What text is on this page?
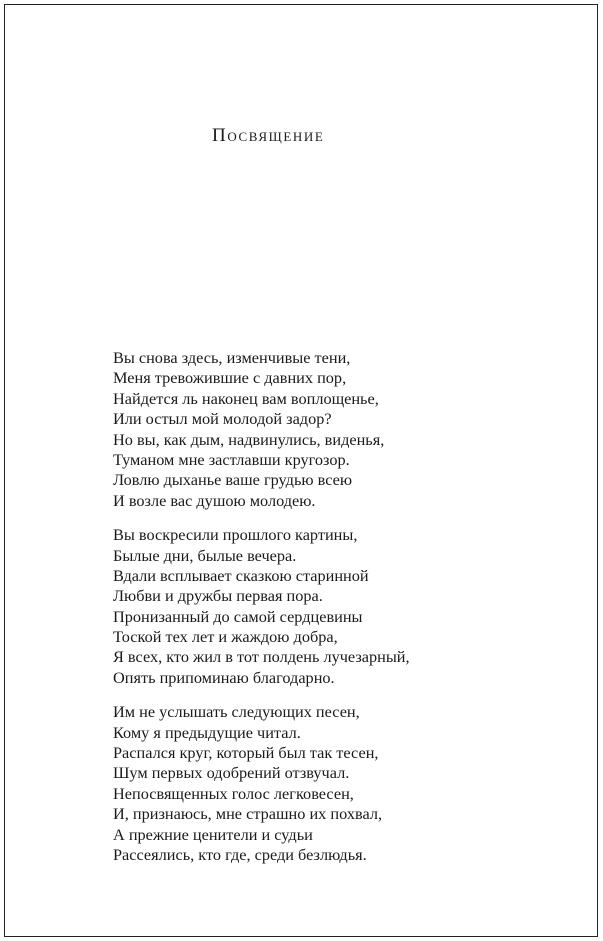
Посвящение
Вы снова здесь, изменчивые тени,
Меня тревожившие с давних пор,
Найдется ль наконец вам воплощенье,
Или остыл мой молодой задор?
Но вы, как дым, надвинулись, виденья,
Туманом мне застлавши кругозор.
Ловлю дыханье ваше грудью всею
И возле вас душою молодею.
Вы воскресили прошлого картины,
Былые дни, былые вечера.
Вдали всплывает сказкою старинной
Любви и дружбы первая пора.
Пронизанный до самой сердцевины
Тоской тех лет и жаждою добра,
Я всех, кто жил в тот полдень лучезарный,
Опять припоминаю благодарно.
Им не услышать следующих песен,
Кому я предыдущие читал.
Распался круг, который был так тесен,
Шум первых одобрений отзвучал.
Непосвященных голос легковесен,
И, признаюсь, мне страшно их похвал,
А прежние ценители и судьи
Рассеялись, кто где, среди безлюдья.
